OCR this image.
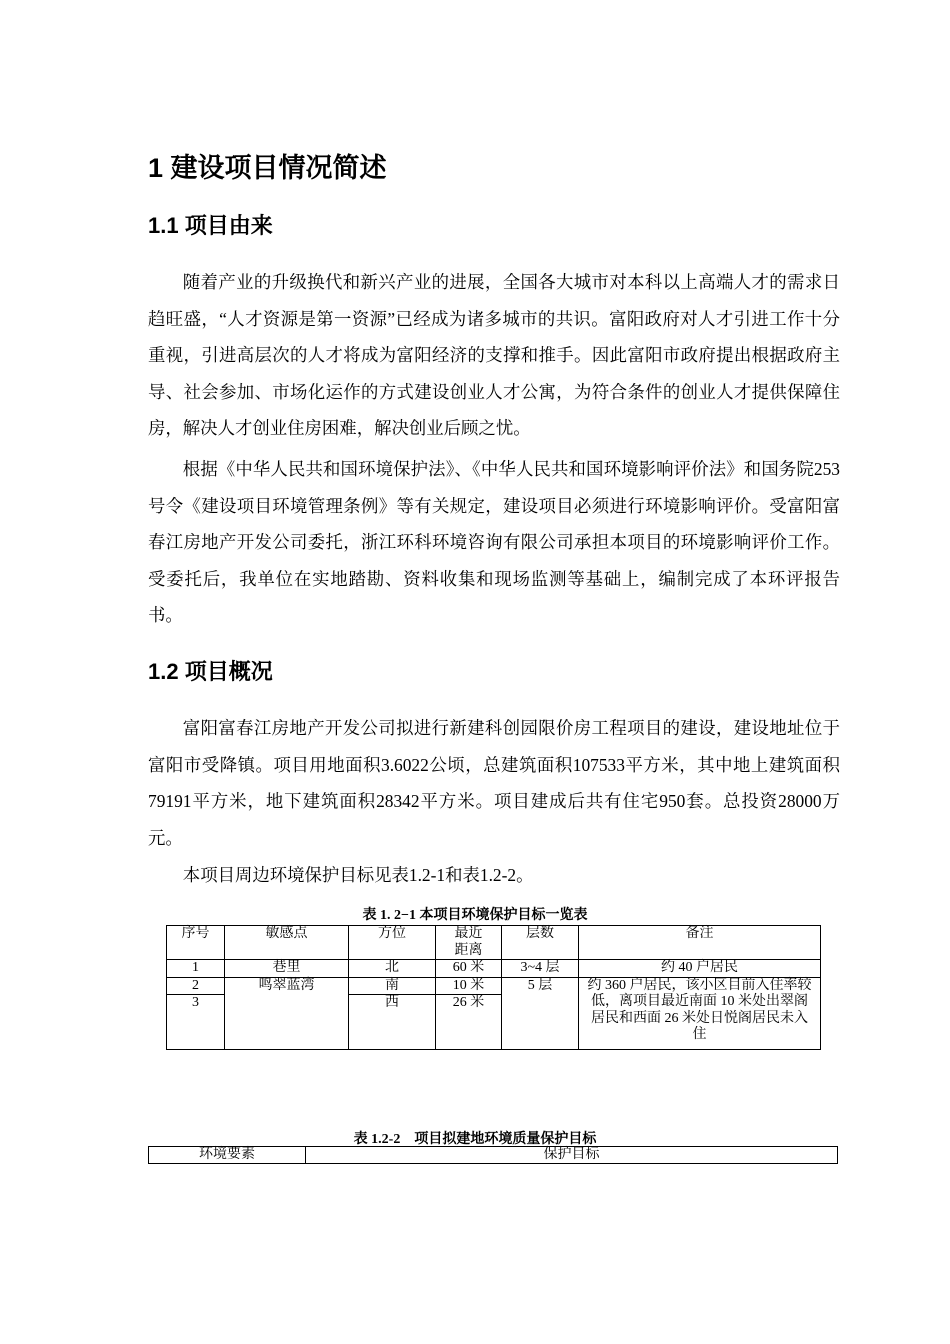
1 建设项目情况简述
1.1 项目由来

随着产业的升级换代和新兴产业的进展，全国各大城市对本科以上高端人才的需求日趋旺盛，“人才资源是第一资源”已经成为诸多城市的共识。富阳政府对人才引进工作十分重视，引进高层次的人才将成为富阳经济的支撑和推手。因此富阳市政府提出根据政府主导、社会参加、市场化运作的方式建设创业人才公寓，为符合条件的创业人才提供保障住房，解决人才创业住房困难，解决创业后顾之忧。

根据《中华人民共和国环境保护法》、《中华人民共和国环境影响评价法》和国务院253号令《建设项目环境管理条例》等有关规定，建设项目必须进行环境影响评价。受富阳富春江房地产开发公司委托，浙江环科环境咨询有限公司承担本项目的环境影响评价工作。受委托后，我单位在实地踏勘、资料收集和现场监测等基础上，编制完成了本环评报告书。

1.2 项目概况

富阳富春江房地产开发公司拟进行新建科创园限价房工程项目的建设，建设地址位于富阳市受降镇。项目用地面积3.6022公顷，总建筑面积107533平方米，其中地上建筑面积79191平方米，地下建筑面积28342平方米。项目建成后共有住宅950套。总投资28000万元。

本项目周边环境保护目标见表1.2-1和表1.2-2。

表 1. 2−1 本项目环境保护目标一览表

序号	敏感点	方位	最近距离	层数	备注
1	巷里	北	60 米	3~4 层	约 40 户居民
2	鸣翠蓝湾	南	10 米	5 层	约 360 户居民，该小区目前入住率较低，离项目最近南面 10 米处出翠阁居民和西面 26 米处日悦阁居民未入住
3		西	26 米		

表 1.2-2　项目拟建地环境质量保护目标

环境要素	保护目标
